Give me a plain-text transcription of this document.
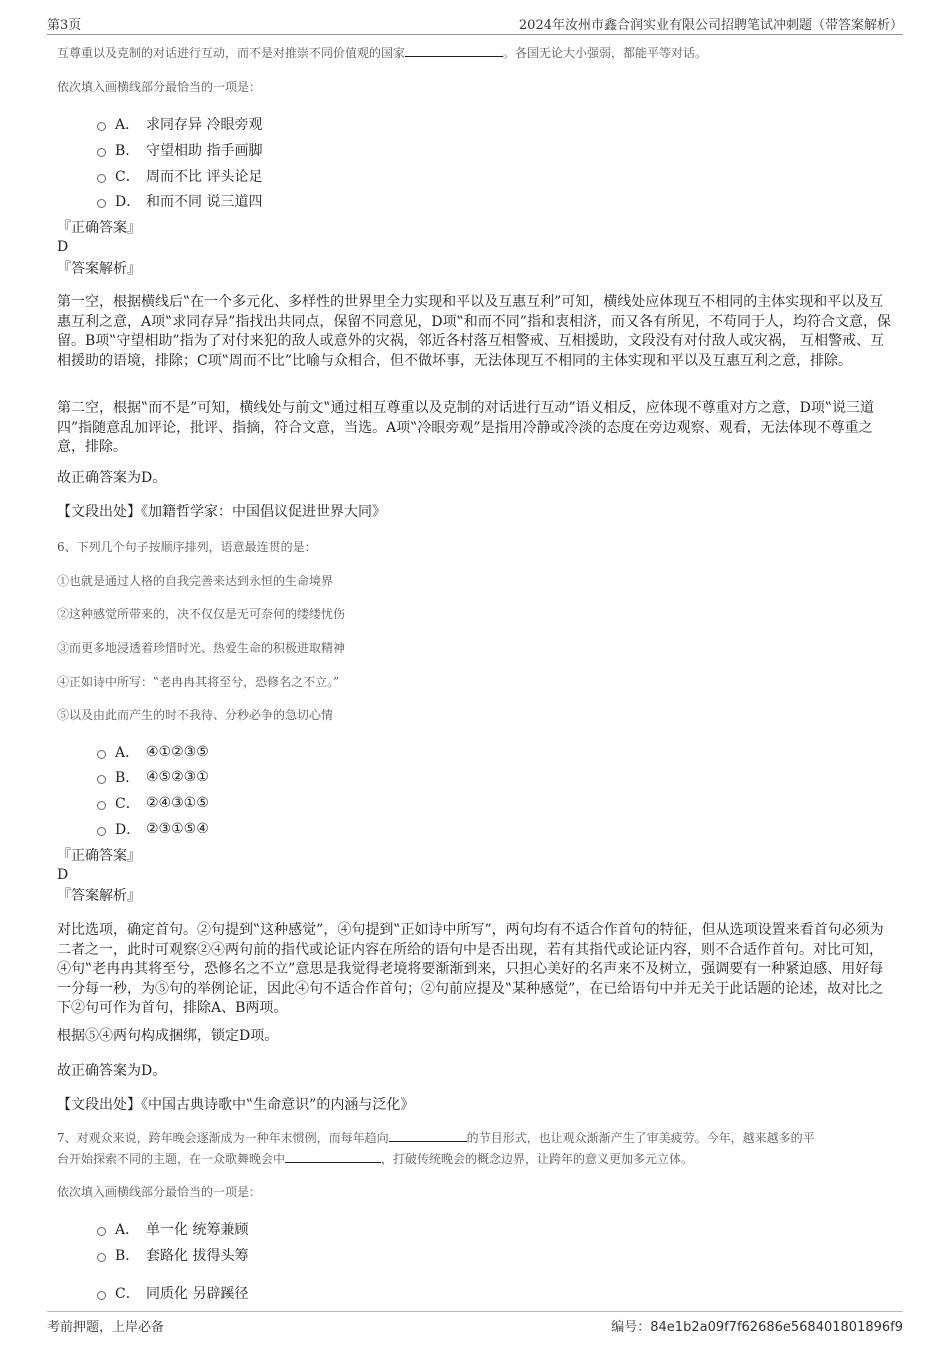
第3页	2024年汝州市鑫合润实业有限公司招聘笔试冲刺题（带答案解析）
互尊重以及克制的对话进行互动，而不是对推崇不同价值观的国家	。各国无论大小强弱，都能平等对话。
依次填入画横线部分最恰当的一项是：
A． 求同存异 冷眼旁观
B． 守望相助 指手画脚
C． 周而不比 评头论足
D． 和而不同 说三道四
『正确答案』
D
『答案解析』
第一空，根据横线后‟在一个多元化、多样性的世界里全力实现和平以及互惠互利”可知，横线处应体现互不相同的主体实现和平以及互惠互利之意，A项‟求同存异”指找出共同点，保留不同意见，D项‟和而不同”指和衷相济，而又各有所见，不苟同于人，均符合文意，保留。B项‟守望相助”指为了对付来犯的敌人或意外的灾祸，邻近各村落互相警戒、互相援助，文段没有对付敌人或灾祸， 互相警戒、互相援助的语境，排除；C项‟周而不比”比喻与众相合，但不做坏事，无法体现互不相同的主体实现和平以及互惠互利之意，排除。
第二空，根据‟而不是”可知，横线处与前文‟通过相互尊重以及克制的对话进行互动”语义相反，应体现不尊重对方之意，D项‟说三道四”指随意乱加评论，批评、指摘，符合文意，当选。A项‟冷眼旁观”是指用冷静或冷淡的态度在旁边观察、观看，无法体现不尊重之意，排除。
故正确答案为D。
【文段出处】《加籍哲学家：中国倡议促进世界大同》
6、下列几个句子按顺序排列，语意最连贯的是：
①也就是通过人格的自我完善来达到永恒的生命境界
②这种感觉所带来的，决不仅仅是无可奈何的缕缕忧伤
③而更多地浸透着珍惜时光、热爱生命的积极进取精神
④正如诗中所写：‟老冉冉其将至兮，恐修名之不立。”
⑤以及由此而产生的时不我待、分秒必争的急切心情
A． ④①②③⑤
B． ④⑤②③①
C． ②④③①⑤
D． ②③①⑤④
『正确答案』
D
『答案解析』
对比选项，确定首句。②句提到‟这种感觉”，④句提到‟正如诗中所写”，两句均有不适合作首句的特征，但从选项设置来看首句必须为二者之一，此时可观察②④两句前的指代或论证内容在所给的语句中是否出现，若有其指代或论证内容，则不合适作首句。对比可知，④句‟老冉冉其将至兮，恐修名之不立”意思是我觉得老境将要渐渐到来，只担心美好的名声来不及树立，强调要有一种紧迫感、用好每一分每一秒，为⑤句的举例论证，因此④句不适合作首句；②句前应提及‟某种感觉”，在已给语句中并无关于此话题的论述，故对比之下②句可作为首句，排除A、B两项。
根据⑤④两句构成捆绑，锁定D项。
故正确答案为D。
【文段出处】《中国古典诗歌中‟生命意识”的内涵与泛化》
7、对观众来说，跨年晚会逐渐成为一种年末惯例，而每年趋向	的节目形式，也让观众渐渐产生了审美疲劳。今年，越来越多的平
台开始探索不同的主题，在一众歌舞晚会中	，打破传统晚会的概念边界，让跨年的意义更加多元立体。
依次填入画横线部分最恰当的一项是：
A． 单一化 统筹兼顾
B． 套路化 拔得头筹
C． 同质化 另辟蹊径
考前押题，上岸必备	编号：84e1b2a09f7f62686e568401801896f9
